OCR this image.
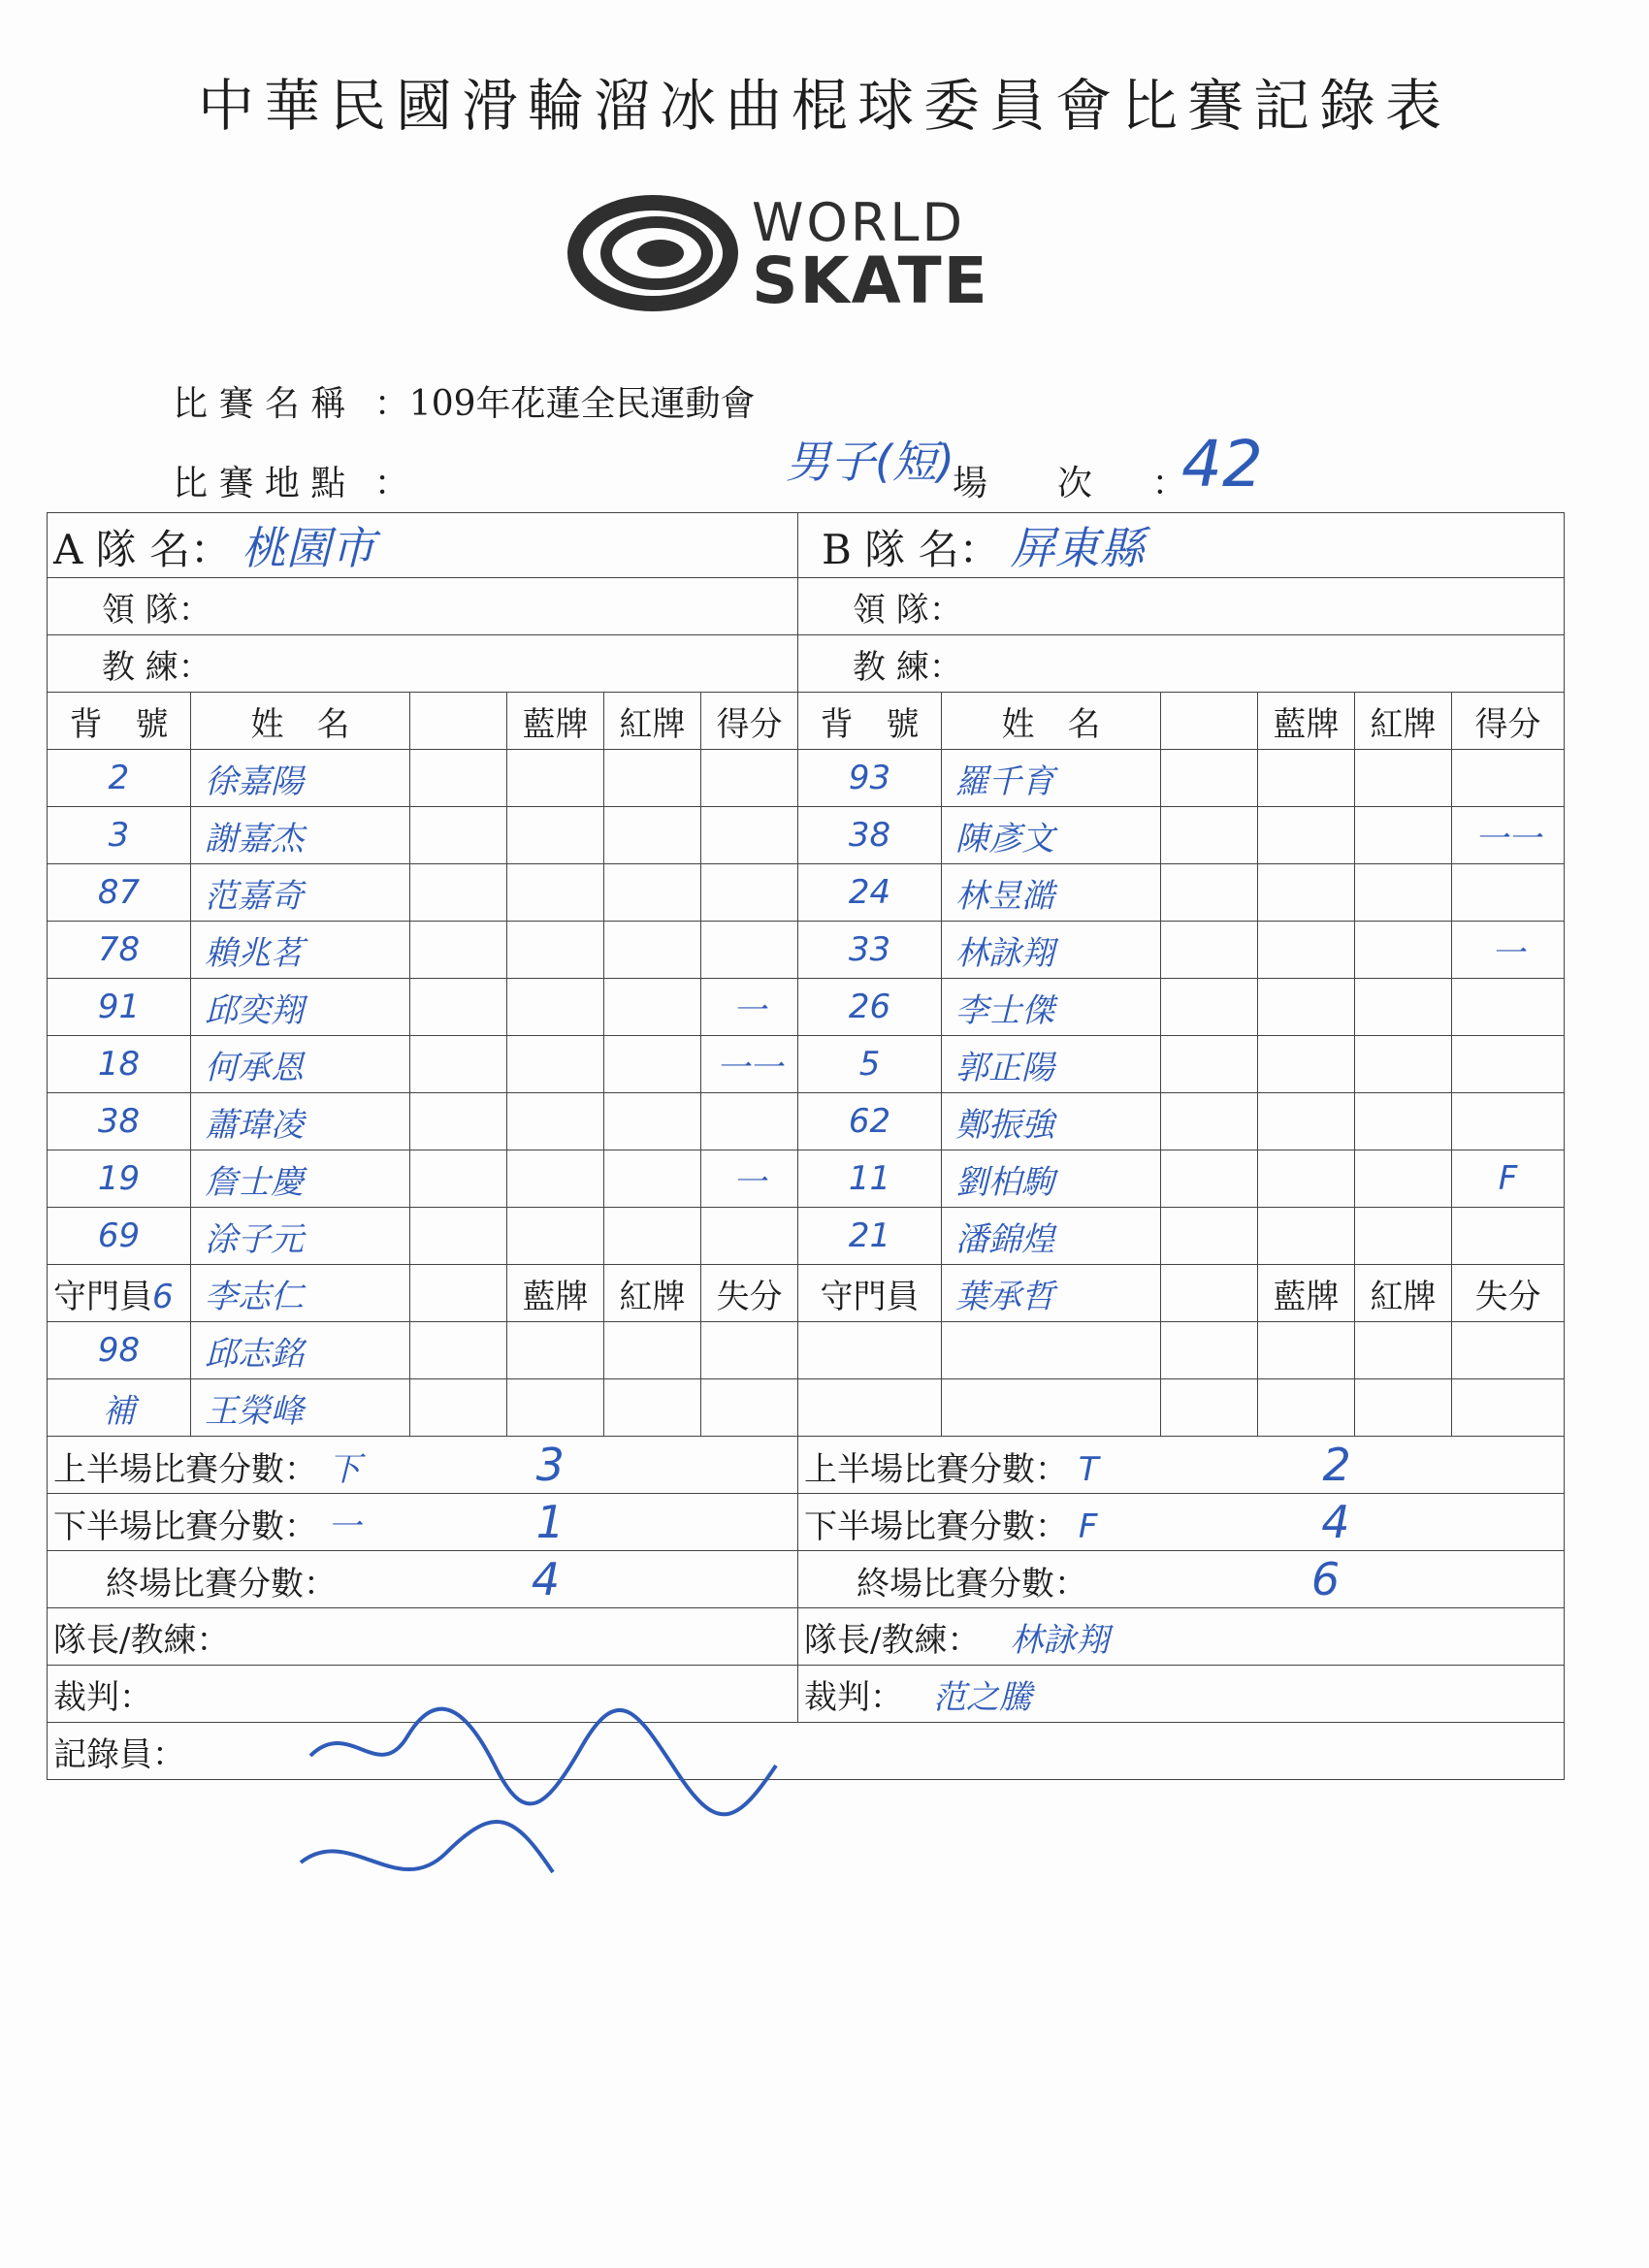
中華民國滑輪溜冰曲棍球委員會比賽記錄表
WORLD
SKATE
比 賽 名 稱 ：109年花蓮全民運動會
比 賽 地 點 ：	男子(短)
場　　次 ：
42
A 隊 名： 桃園市						B 隊 名： 屏東縣					
領 隊：						領 隊：					
教 練：						教 練：					
背　號	姓　名		藍牌	紅牌	得分	背　號	姓　名		藍牌	紅牌	得分
2	徐嘉陽					93	羅千育				
3	謝嘉杰					38	陳彥文				一一
87	范嘉奇					24	林昱澔				
78	賴兆茗					33	林詠翔				一
91	邱奕翔				一	26	李士傑				
18	何承恩				一一	5	郭正陽				
38	蕭瑋凌					62	鄭振強				
19	詹士慶				一	11	劉柏駒				F
69	涂子元					21	潘錦煌				
守門員6	李志仁		藍牌	紅牌	失分	守門員	葉承哲		藍牌	紅牌	失分
98	邱志銘										
補	王榮峰										
上半場比賽分數： 下 3						上半場比賽分數： T 2					
下半場比賽分數： 一 1						下半場比賽分數： F 4					
終場比賽分數： 4						終場比賽分數： 6					
隊長/教練：						隊長/教練： 林詠翔					
裁判：						裁判： 范之騰					
記錄員：											
